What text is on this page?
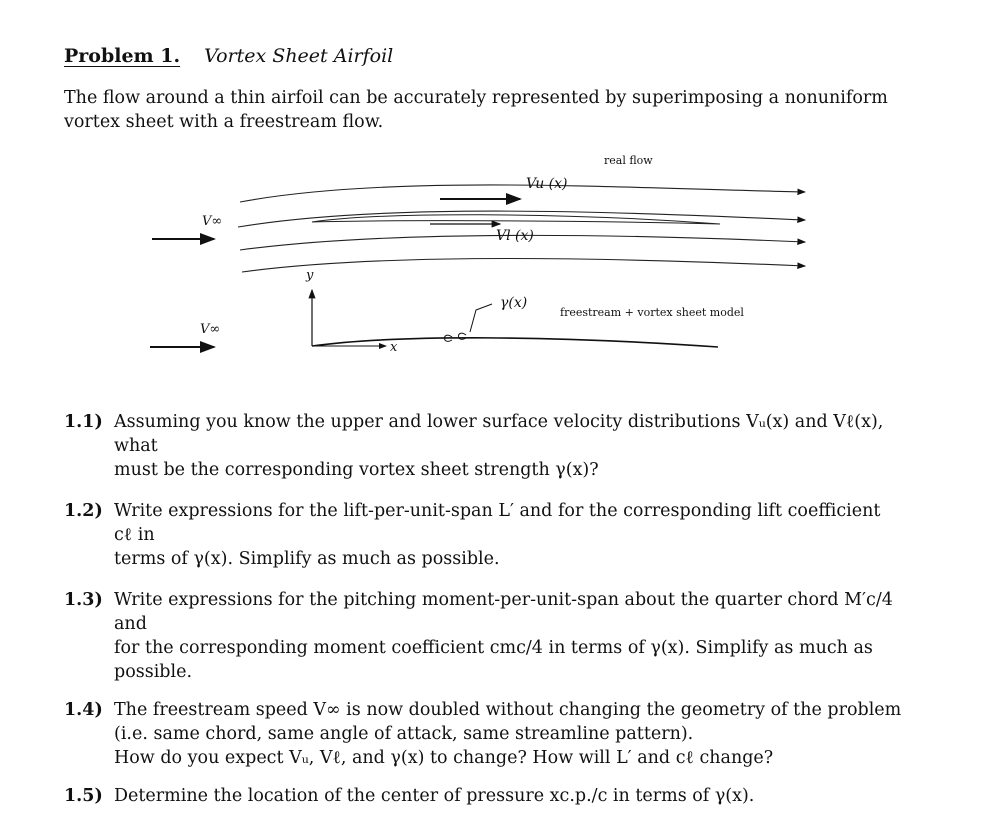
Problem 1. Vortex Sheet Airfoil
The flow around a thin airfoil can be accurately represented by superimposing a nonuniform vortex sheet with a freestream flow.
real flow
Vu (x)
Vl (x)
V∞
V∞
y
x
γ(x)
freestream + vortex sheet model
1.1) Assuming you know the upper and lower surface velocity distributions Vᵤ(x) and Vℓ(x), what
must be the corresponding vortex sheet strength γ(x)?
1.2) Write expressions for the lift-per-unit-span L′ and for the corresponding lift coefficient cℓ in
terms of γ(x). Simplify as much as possible.
1.3) Write expressions for the pitching moment-per-unit-span about the quarter chord M′c/4 and
for the corresponding moment coefficient cmc/4 in terms of γ(x). Simplify as much as possible.
1.4) The freestream speed V∞ is now doubled without changing the geometry of the problem
(i.e. same chord, same angle of attack, same streamline pattern).
How do you expect Vᵤ, Vℓ, and γ(x) to change? How will L′ and cℓ change?
1.5) Determine the location of the center of pressure xc.p./c in terms of γ(x).
